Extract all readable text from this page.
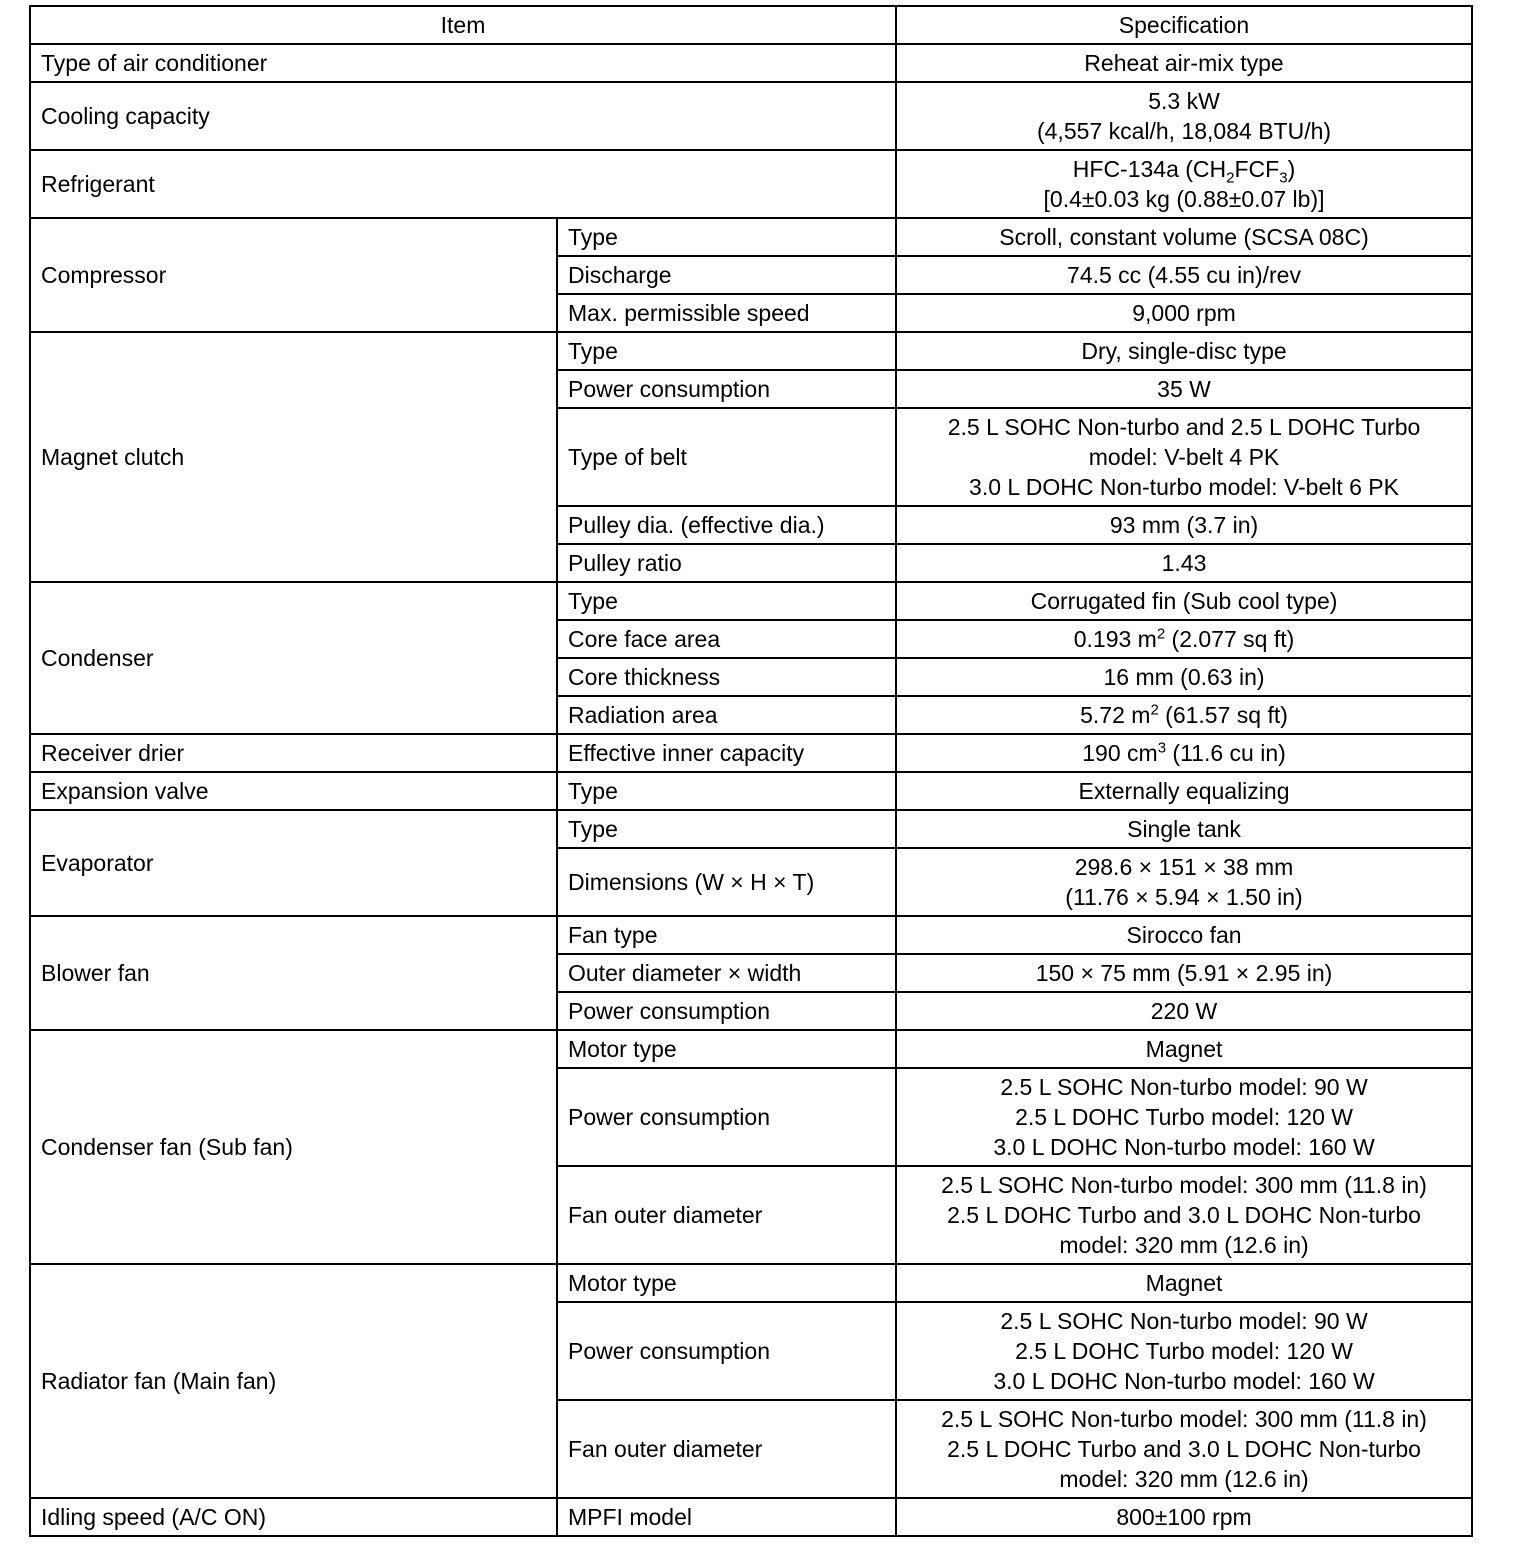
Item		Specification
Type of air conditioner		Reheat air-mix type
Cooling capacity		5.3 kW
(4,557 kcal/h, 18,084 BTU/h)

Refrigerant		HFC-134a $(CH_2FCF_3)$
[0.4±0.03 kg (0.88±0.07 lb)]

Compressor	Type	Scroll, constant volume (SCSA 08C)
	Discharge	74.5 cc (4.55 cu in)/rev
	Max. permissible speed	9,000 rpm
Magnet clutch	Type	Dry, single-disc type
	Power consumption	35 W
	Type of belt	2.5 L SOHC Non-turbo and 2.5 L DOHC Turbo
model: V-belt 4 PK
3.0 L DOHC Non-turbo model: V-belt 6 PK

	Pulley dia. (effective dia.)	93 mm (3.7 in)
	Pulley ratio	1.43
Condenser	Type	Corrugated fin (Sub cool type)
	Core face area	0.193 $m^2$ (2.077 sq ft)
	Core thickness	16 mm (0.63 in)
	Radiation area	5.72 $m^2$ (61.57 sq ft)
Receiver drier	Effective inner capacity	190 $cm^3$ (11.6 cu in)
Expansion valve	Type	Externally equalizing
Evaporator	Type	Single tank
	Dimensions (W × H × T)	298.6 × 151 × 38 mm
(11.76 × 5.94 × 1.50 in)

Blower fan	Fan type	Sirocco fan
	Outer diameter × width	150 × 75 mm (5.91 × 2.95 in)
	Power consumption	220 W
Condenser fan (Sub fan)	Motor type	Magnet
	Power consumption	2.5 L SOHC Non-turbo model: 90 W
2.5 L DOHC Turbo model: 120 W
3.0 L DOHC Non-turbo model: 160 W

	Fan outer diameter	2.5 L SOHC Non-turbo model: 300 mm (11.8 in)
2.5 L DOHC Turbo and 3.0 L DOHC Non-turbo
model: 320 mm (12.6 in)

Radiator fan (Main fan)	Motor type	Magnet
	Power consumption	2.5 L SOHC Non-turbo model: 90 W
2.5 L DOHC Turbo model: 120 W
3.0 L DOHC Non-turbo model: 160 W

	Fan outer diameter	2.5 L SOHC Non-turbo model: 300 mm (11.8 in)
2.5 L DOHC Turbo and 3.0 L DOHC Non-turbo
model: 320 mm (12.6 in)

Idling speed (A/C ON)	MPFI model	800±100 rpm
